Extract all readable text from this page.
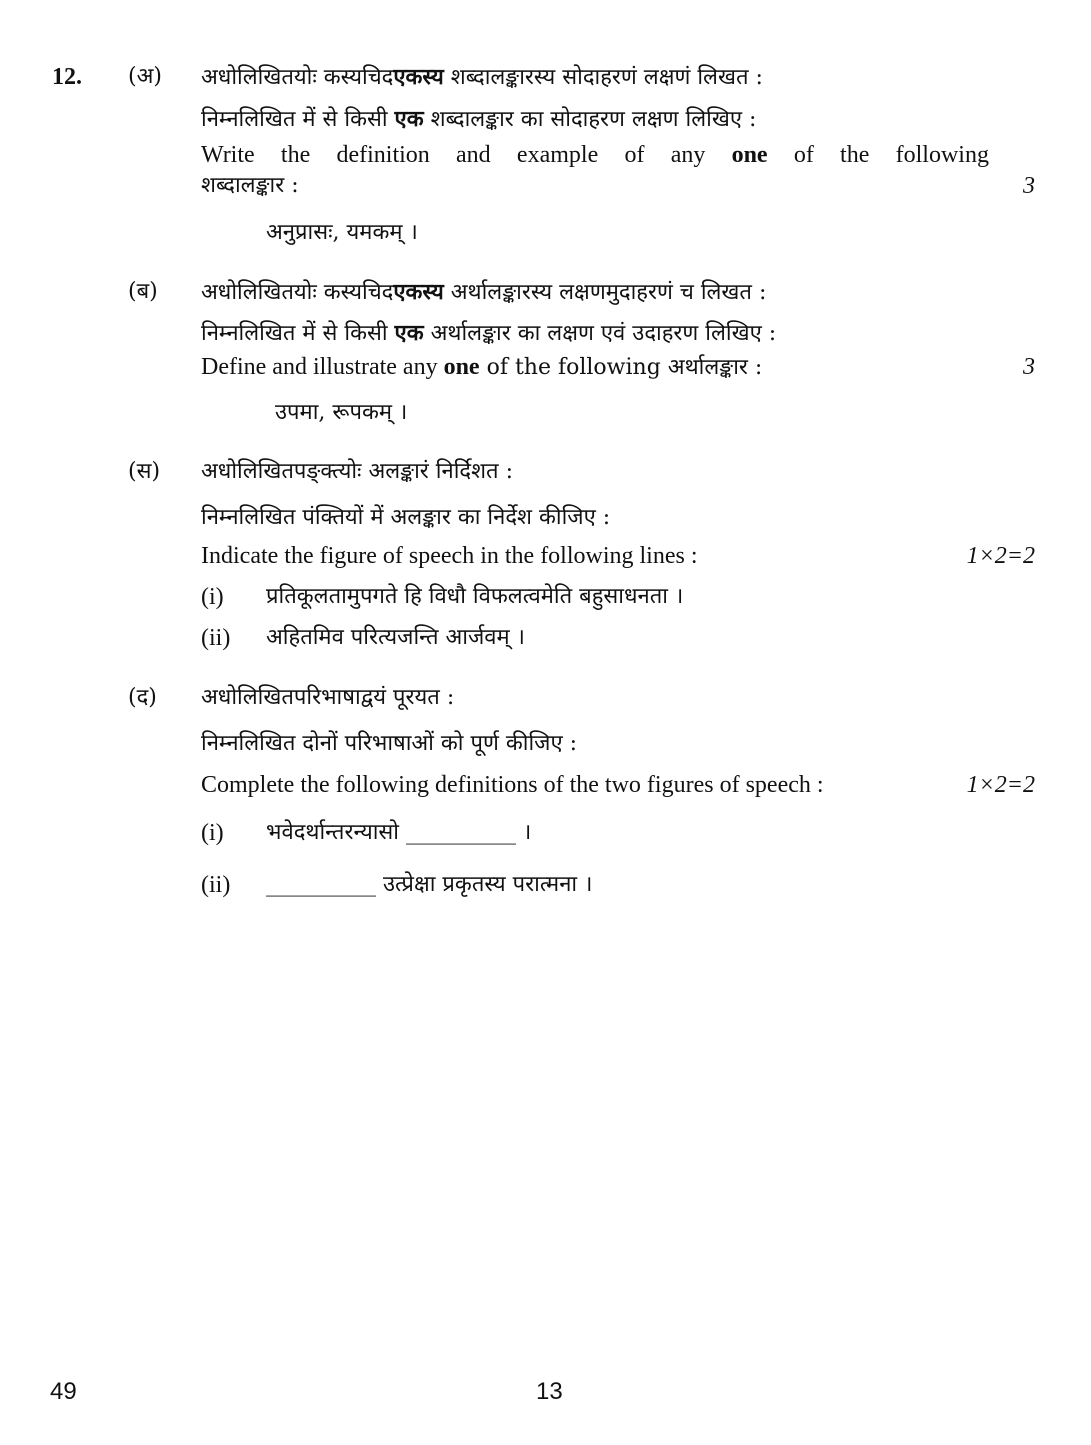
12. (अ) अधोलिखितयोः कस्यचिदएकस्य शब्दालङ्कारस्य सोदाहरणं लक्षणं लिखत :
निम्नलिखित में से किसी एक शब्दालङ्कार का सोदाहरण लक्षण लिखिए :
Write the definition and example of any one of the following
शब्दालङ्कार :	3
अनुप्रासः, यमकम् ।
(ब) अधोलिखितयोः कस्यचिदएकस्य अर्थालङ्कारस्य लक्षणमुदाहरणं च लिखत :
निम्नलिखित में से किसी एक अर्थालङ्कार का लक्षण एवं उदाहरण लिखिए :
Define and illustrate any one of the following अर्थालङ्कार :	3
उपमा, रूपकम् ।
(स) अधोलिखितपङ्क्त्योः अलङ्कारं निर्दिशत :
निम्नलिखित पंक्तियों में अलङ्कार का निर्देश कीजिए :
Indicate the figure of speech in the following lines :	1×2=2
(i) प्रतिकूलतामुपगते हि विधौ विफलत्वमेति बहुसाधनता ।
(ii) अहितमिव परित्यजन्ति आर्जवम् ।
(द) अधोलिखितपरिभाषाद्वयं पूरयत :
निम्नलिखित दोनों परिभाषाओं को पूर्ण कीजिए :
Complete the following definitions of the two figures of speech :	1×2=2
(i) भवेदर्थान्तरन्यासो __________ ।
(ii) __________ उत्प्रेक्षा प्रकृतस्य परात्मना ।
49	13
